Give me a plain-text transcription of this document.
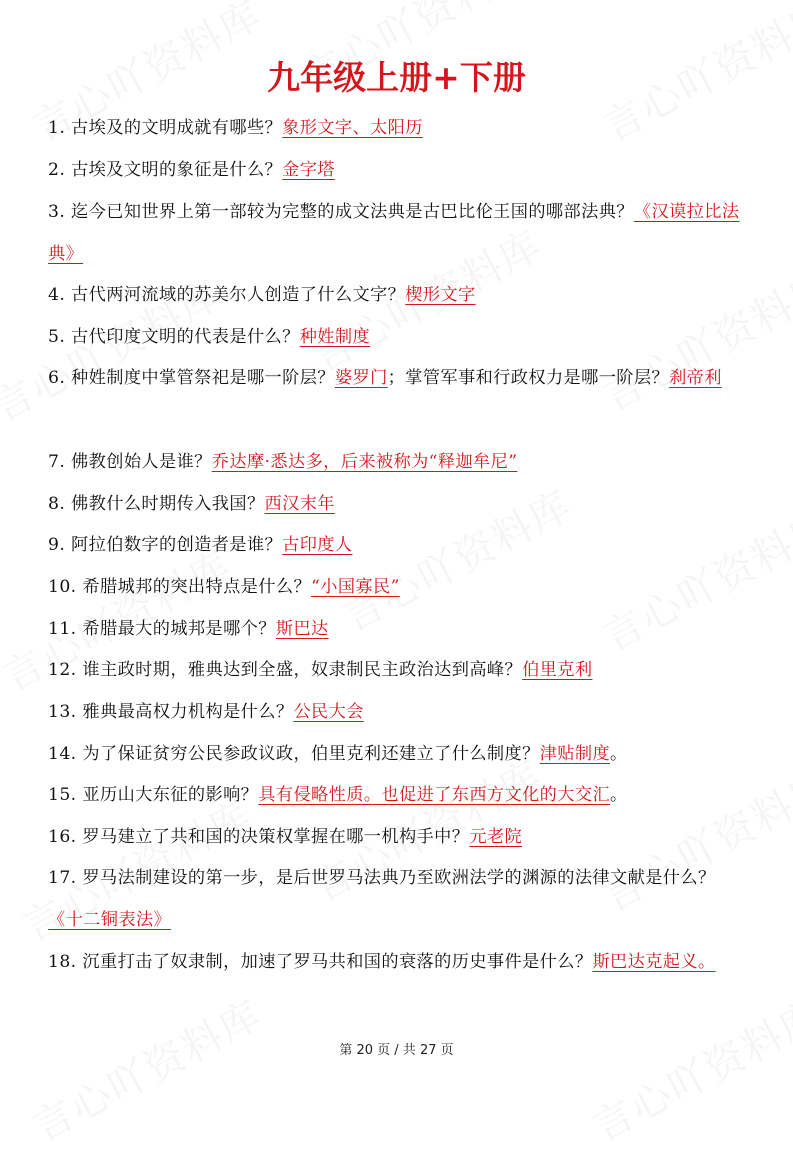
九年级上册+下册
1. 古埃及的文明成就有哪些？象形文字、太阳历
2. 古埃及文明的象征是什么？金字塔
3. 迄今已知世界上第一部较为完整的成文法典是古巴比伦王国的哪部法典？《汉谟拉比法典》
4. 古代两河流域的苏美尔人创造了什么文字？楔形文字
5. 古代印度文明的代表是什么？种姓制度
6. 种姓制度中掌管祭祀是哪一阶层？婆罗门；掌管军事和行政权力是哪一阶层？刹帝利
7. 佛教创始人是谁？乔达摩·悉达多，后来被称为“释迦牟尼”
8. 佛教什么时期传入我国？西汉末年
9. 阿拉伯数字的创造者是谁？古印度人
10. 希腊城邦的突出特点是什么？“小国寡民”
11. 希腊最大的城邦是哪个？斯巴达
12. 谁主政时期，雅典达到全盛，奴隶制民主政治达到高峰？伯里克利
13. 雅典最高权力机构是什么？公民大会
14. 为了保证贫穷公民参政议政，伯里克利还建立了什么制度？津贴制度。
15. 亚历山大东征的影响？具有侵略性质。也促进了东西方文化的大交汇。
16. 罗马建立了共和国的决策权掌握在哪一机构手中？元老院
17. 罗马法制建设的第一步，是后世罗马法典乃至欧洲法学的渊源的法律文献是什么？《十二铜表法》
18. 沉重打击了奴隶制，加速了罗马共和国的衰落的历史事件是什么？斯巴达克起义。
第 20 页 / 共 27 页
